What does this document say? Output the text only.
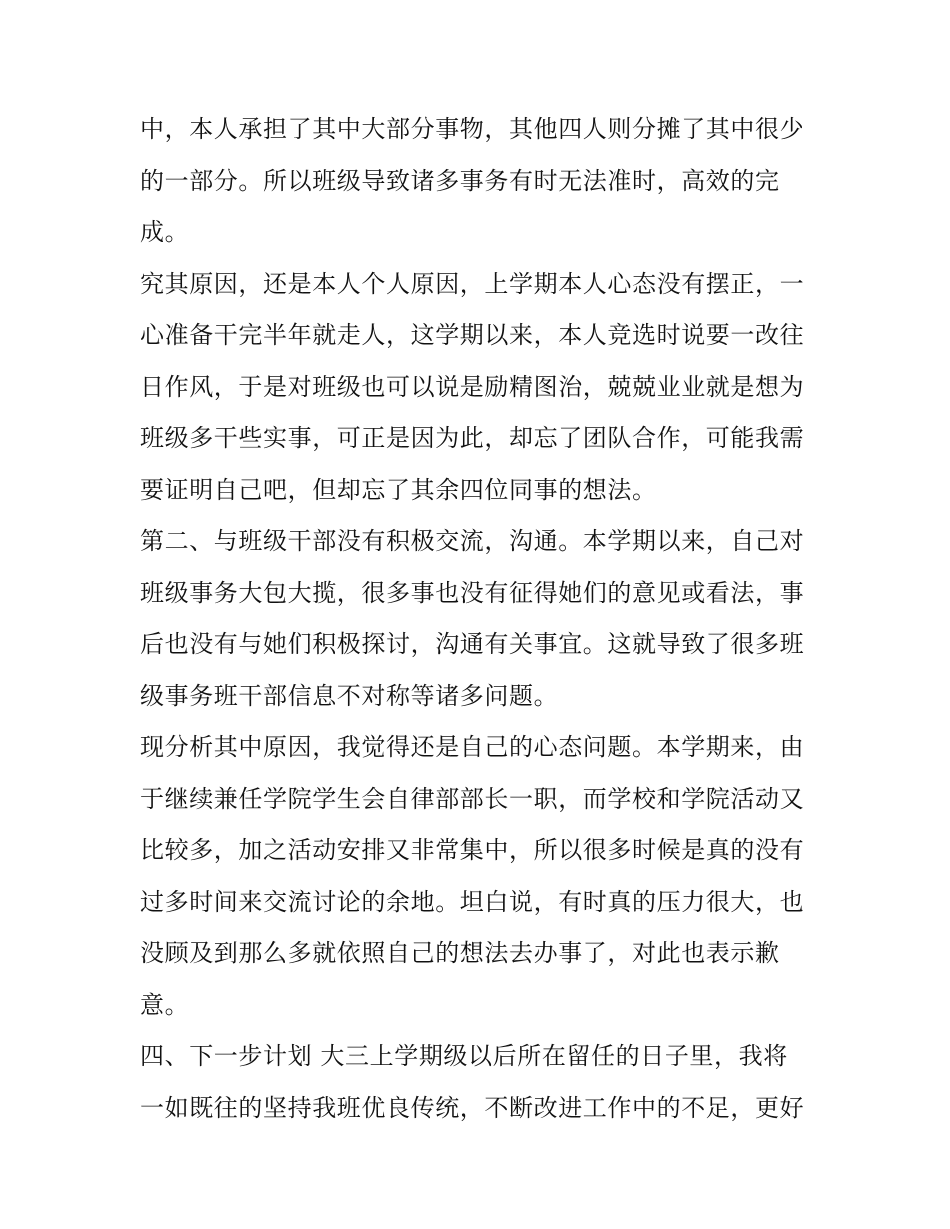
中，本人承担了其中大部分事物，其他四人则分摊了其中很少
的一部分。所以班级导致诸多事务有时无法准时，高效的完
成。
究其原因，还是本人个人原因，上学期本人心态没有摆正，一
心准备干完半年就走人，这学期以来，本人竞选时说要一改往
日作风，于是对班级也可以说是励精图治，兢兢业业就是想为
班级多干些实事，可正是因为此，却忘了团队合作，可能我需
要证明自己吧，但却忘了其余四位同事的想法。
第二、与班级干部没有积极交流，沟通。本学期以来，自己对
班级事务大包大揽，很多事也没有征得她们的意见或看法，事
后也没有与她们积极探讨，沟通有关事宜。这就导致了很多班
级事务班干部信息不对称等诸多问题。
现分析其中原因，我觉得还是自己的心态问题。本学期来，由
于继续兼任学院学生会自律部部长一职，而学校和学院活动又
比较多，加之活动安排又非常集中，所以很多时候是真的没有
过多时间来交流讨论的余地。坦白说，有时真的压力很大，也
没顾及到那么多就依照自己的想法去办事了，对此也表示歉
意。
四、下一步计划 大三上学期级以后所在留任的日子里，我将
一如既往的坚持我班优良传统，不断改进工作中的不足，更好
